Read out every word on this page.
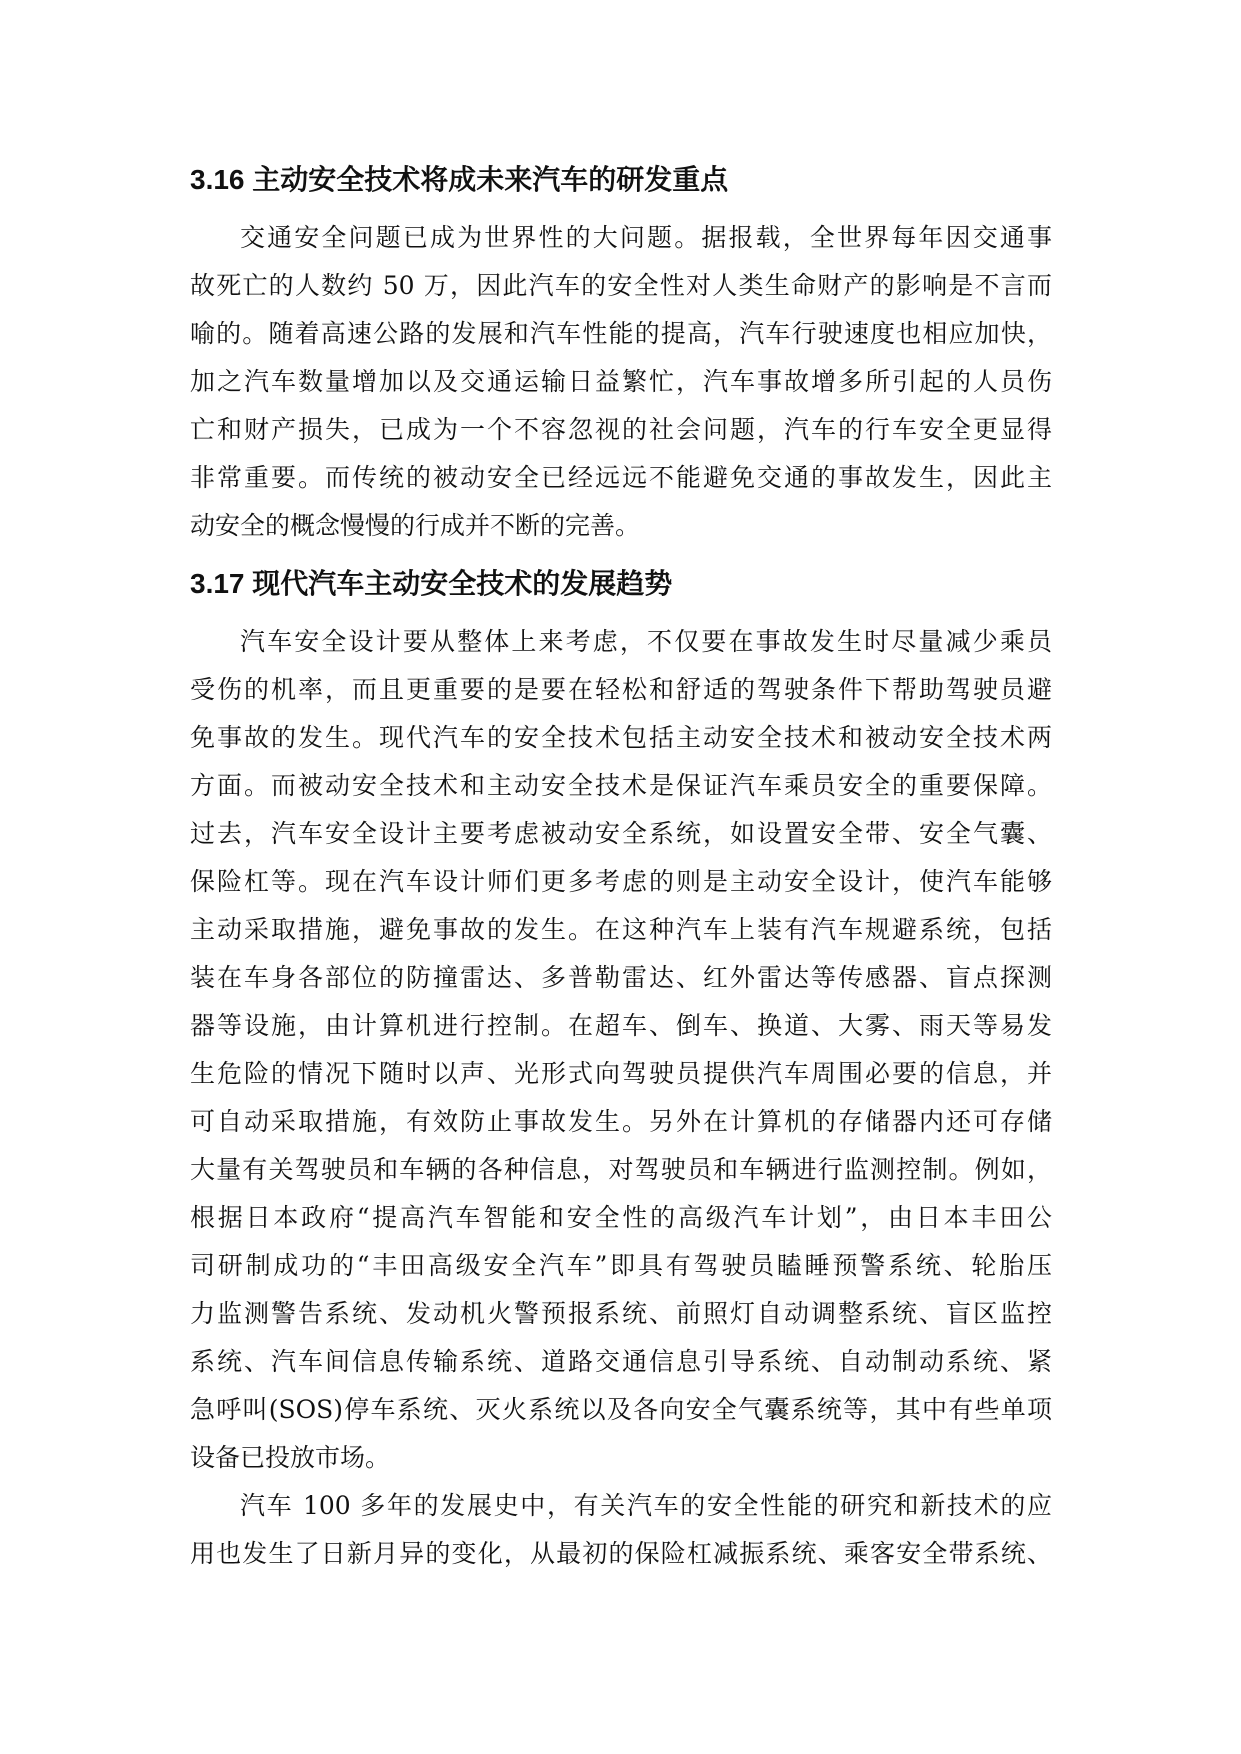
3.16 主动安全技术将成未来汽车的研发重点
交通安全问题已成为世界性的大问题。据报载，全世界每年因交通事
故死亡的人数约 50 万，因此汽车的安全性对人类生命财产的影响是不言而
喻的。随着高速公路的发展和汽车性能的提高，汽车行驶速度也相应加快，
加之汽车数量增加以及交通运输日益繁忙，汽车事故增多所引起的人员伤
亡和财产损失，已成为一个不容忽视的社会问题，汽车的行车安全更显得
非常重要。而传统的被动安全已经远远不能避免交通的事故发生，因此主
动安全的概念慢慢的行成并不断的完善。
3.17 现代汽车主动安全技术的发展趋势
汽车安全设计要从整体上来考虑，不仅要在事故发生时尽量减少乘员
受伤的机率，而且更重要的是要在轻松和舒适的驾驶条件下帮助驾驶员避
免事故的发生。现代汽车的安全技术包括主动安全技术和被动安全技术两
方面。而被动安全技术和主动安全技术是保证汽车乘员安全的重要保障。
过去，汽车安全设计主要考虑被动安全系统，如设置安全带、安全气囊、
保险杠等。现在汽车设计师们更多考虑的则是主动安全设计，使汽车能够
主动采取措施，避免事故的发生。在这种汽车上装有汽车规避系统，包括
装在车身各部位的防撞雷达、多普勒雷达、红外雷达等传感器、盲点探测
器等设施，由计算机进行控制。在超车、倒车、换道、大雾、雨天等易发
生危险的情况下随时以声、光形式向驾驶员提供汽车周围必要的信息，并
可自动采取措施，有效防止事故发生。另外在计算机的存储器内还可存储
大量有关驾驶员和车辆的各种信息，对驾驶员和车辆进行监测控制。例如，
根据日本政府“提高汽车智能和安全性的高级汽车计划”，由日本丰田公
司研制成功的“丰田高级安全汽车”即具有驾驶员瞌睡预警系统、轮胎压
力监测警告系统、发动机火警预报系统、前照灯自动调整系统、盲区监控
系统、汽车间信息传输系统、道路交通信息引导系统、自动制动系统、紧
急呼叫(SOS)停车系统、灭火系统以及各向安全气囊系统等，其中有些单项
设备已投放市场。
汽车 100 多年的发展史中，有关汽车的安全性能的研究和新技术的应
用也发生了日新月异的变化，从最初的保险杠减振系统、乘客安全带系统、
